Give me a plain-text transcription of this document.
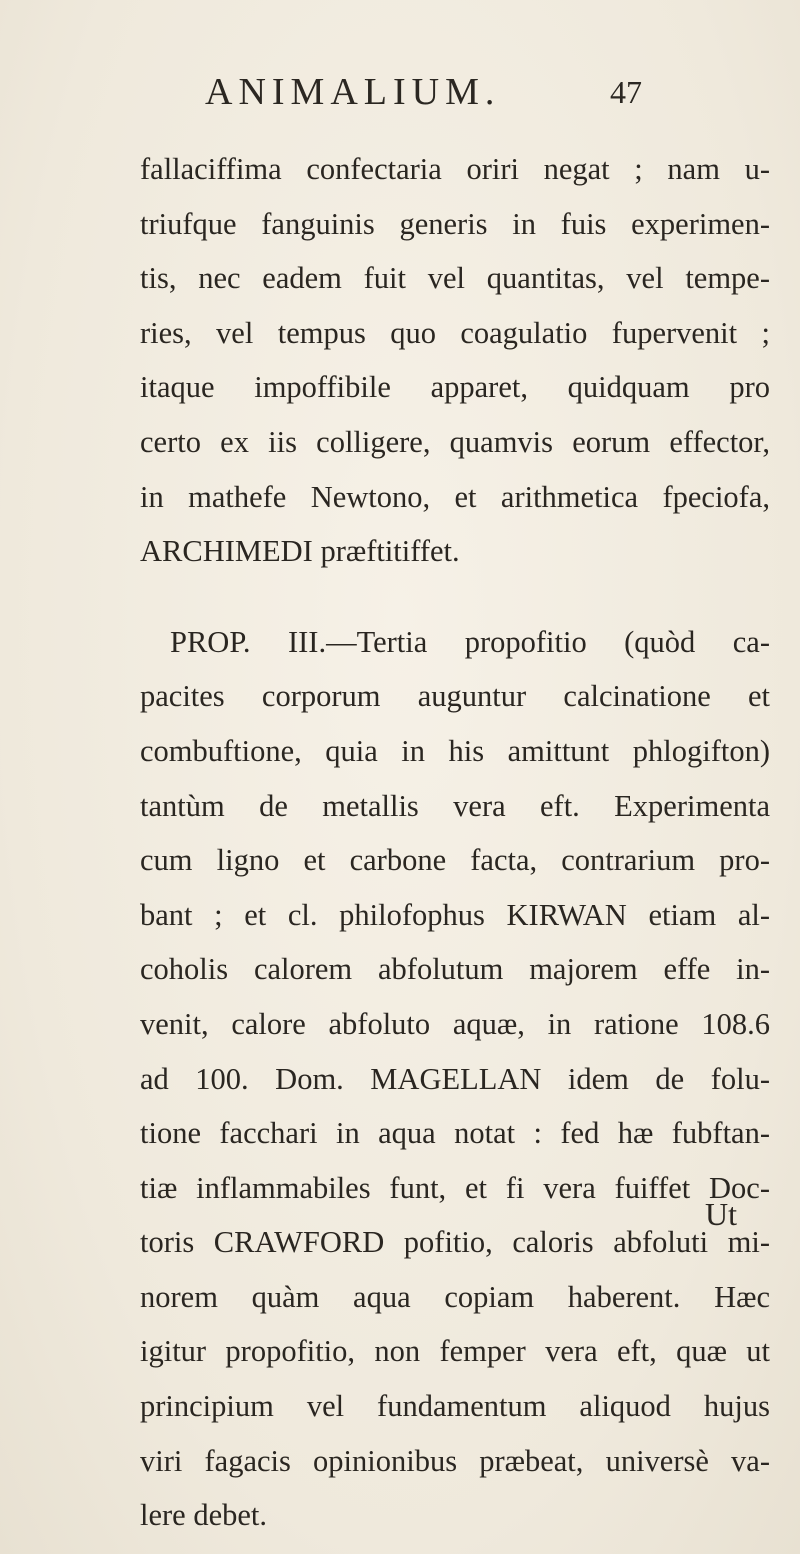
ANIMALIUM.	47
fallaciffima confectaria oriri negat ; nam u-
triufque fanguinis generis in fuis experimen-
tis, nec eadem fuit vel quantitas, vel tempe-
ries, vel tempus quo coagulatio fupervenit ;
itaque impoffibile apparet, quidquam pro
certo ex iis colligere, quamvis eorum effector,
in mathefe Newtono, et arithmetica fpeciofa,
ARCHIMEDI præftitiffet.
PROP. III.—Tertia propofitio (quòd ca-
pacites corporum auguntur calcinatione et
combuftione, quia in his amittunt phlogifton)
tantùm de metallis vera eft. Experimenta
cum ligno et carbone facta, contrarium pro-
bant ; et cl. philofophus KIRWAN etiam al-
coholis calorem abfolutum majorem effe in-
venit, calore abfoluto aquæ, in ratione 108.6
ad 100. Dom. MAGELLAN idem de folu-
tione facchari in aqua notat : fed hæ fubftan-
tiæ inflammabiles funt, et fi vera fuiffet Doc-
toris CRAWFORD pofitio, caloris abfoluti mi-
norem quàm aqua copiam haberent. Hæc
igitur propofitio, non femper vera eft, quæ ut
principium vel fundamentum aliquod hujus
viri fagacis opinionibus præbeat, universè va-
lere debet.
Ut
